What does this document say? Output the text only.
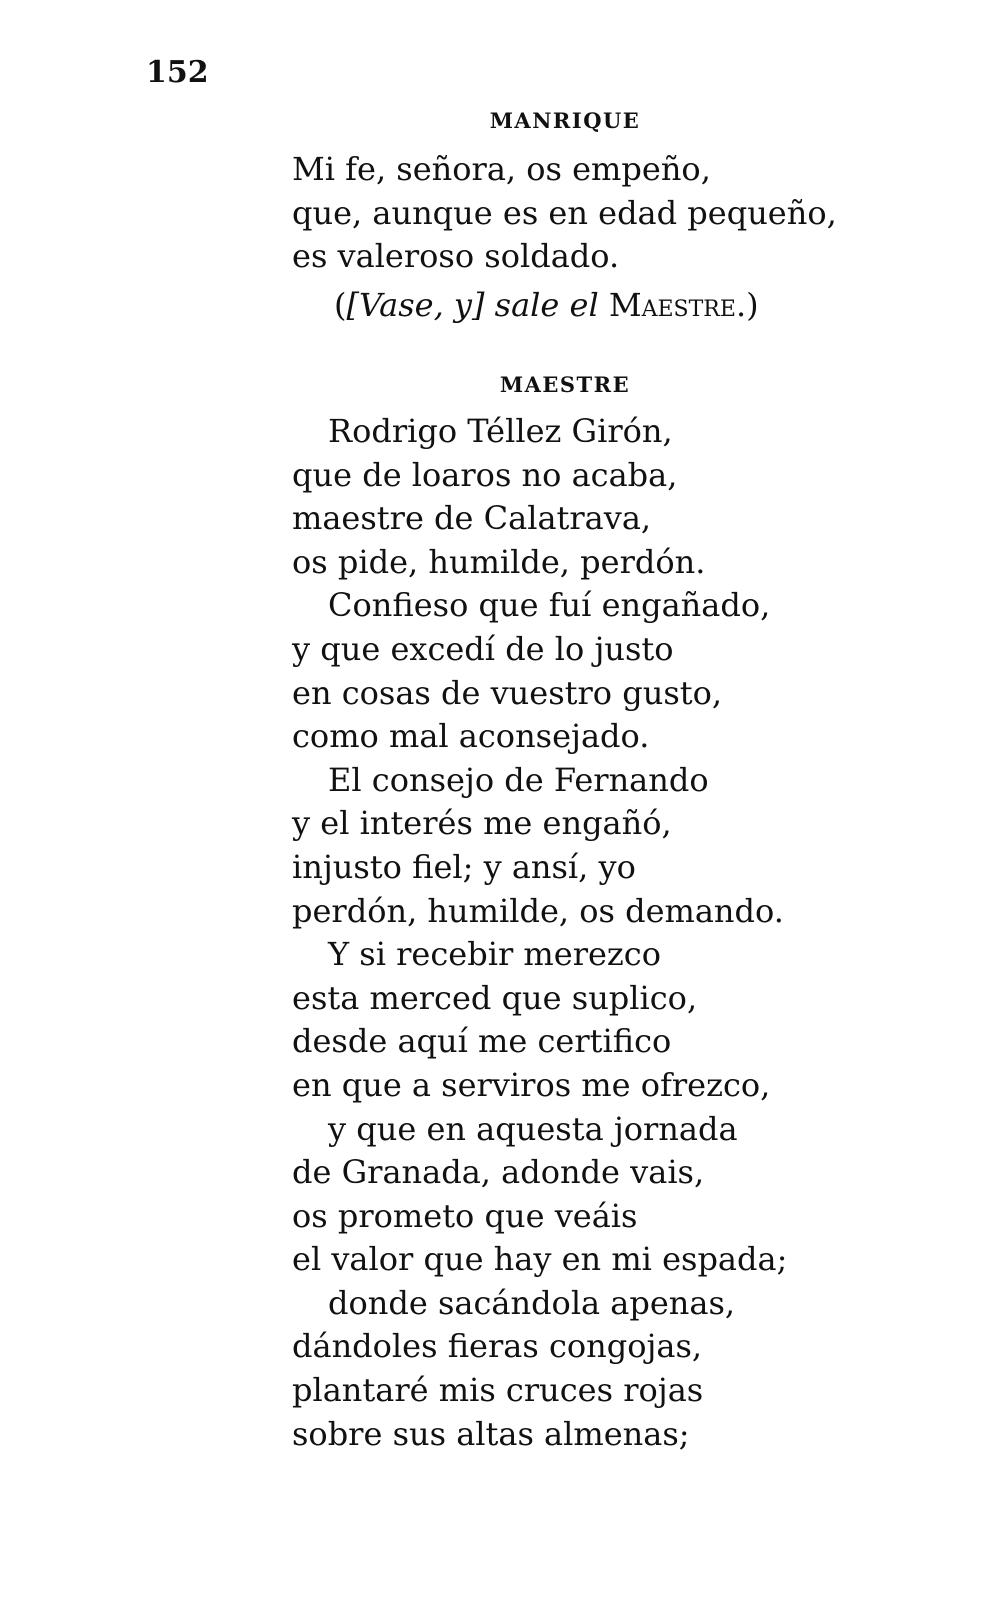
152
MANRIQUE
Mi fe, señora, os empeño,
que, aunque es en edad pequeño,
es valeroso soldado.
([Vase, y] sale el Maestre.)
MAESTRE
Rodrigo Téllez Girón,
que de loaros no acaba,
maestre de Calatrava,
os pide, humilde, perdón.
Confieso que fuí engañado,
y que excedí de lo justo
en cosas de vuestro gusto,
como mal aconsejado.
El consejo de Fernando
y el interés me engañó,
injusto fiel; y ansí, yo
perdón, humilde, os demando.
Y si recebir merezco
esta merced que suplico,
desde aquí me certifico
en que a serviros me ofrezco,
y que en aquesta jornada
de Granada, adonde vais,
os prometo que veáis
el valor que hay en mi espada;
donde sacándola apenas,
dándoles fieras congojas,
plantaré mis cruces rojas
sobre sus altas almenas;
